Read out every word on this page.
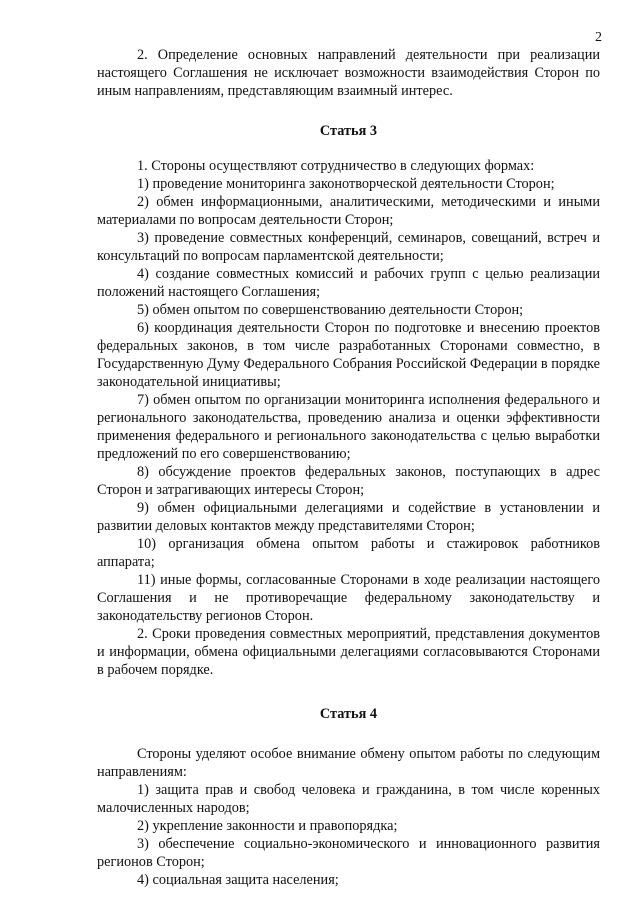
2

2. Определение основных направлений деятельности при реализации настоящего Соглашения не исключает возможности взаимодействия Сторон по иным направлениям, представляющим взаимный интерес.

Статья 3

1. Стороны осуществляют сотрудничество в следующих формах:

1) проведение мониторинга законотворческой деятельности Сторон;

2) обмен информационными, аналитическими, методическими и иными материалами по вопросам деятельности Сторон;

3) проведение совместных конференций, семинаров, совещаний, встреч и консультаций по вопросам парламентской деятельности;

4) создание совместных комиссий и рабочих групп с целью реализации положений настоящего Соглашения;

5) обмен опытом по совершенствованию деятельности Сторон;

6) координация деятельности Сторон по подготовке и внесению проектов федеральных законов, в том числе разработанных Сторонами совместно, в Государственную Думу Федерального Собрания Российской Федерации в порядке законодательной инициативы;

7) обмен опытом по организации мониторинга исполнения федерального и регионального законодательства, проведению анализа и оценки эффективности применения федерального и регионального законодательства с целью выработки предложений по его совершенствованию;

8) обсуждение проектов федеральных законов, поступающих в адрес Сторон и затрагивающих интересы Сторон;

9) обмен официальными делегациями и содействие в установлении и развитии деловых контактов между представителями Сторон;

10) организация обмена опытом работы и стажировок работников аппарата;

11) иные формы, согласованные Сторонами в ходе реализации настоящего Соглашения и не противоречащие федеральному законодательству и законодательству регионов Сторон.

2. Сроки проведения совместных мероприятий, представления документов и информации, обмена официальными делегациями согласовываются Сторонами в рабочем порядке.

Статья 4

Стороны уделяют особое внимание обмену опытом работы по следующим направлениям:

1) защита прав и свобод человека и гражданина, в том числе коренных малочисленных народов;

2) укрепление законности и правопорядка;

3) обеспечение социально-экономического и инновационного развития регионов Сторон;

4) социальная защита населения;
